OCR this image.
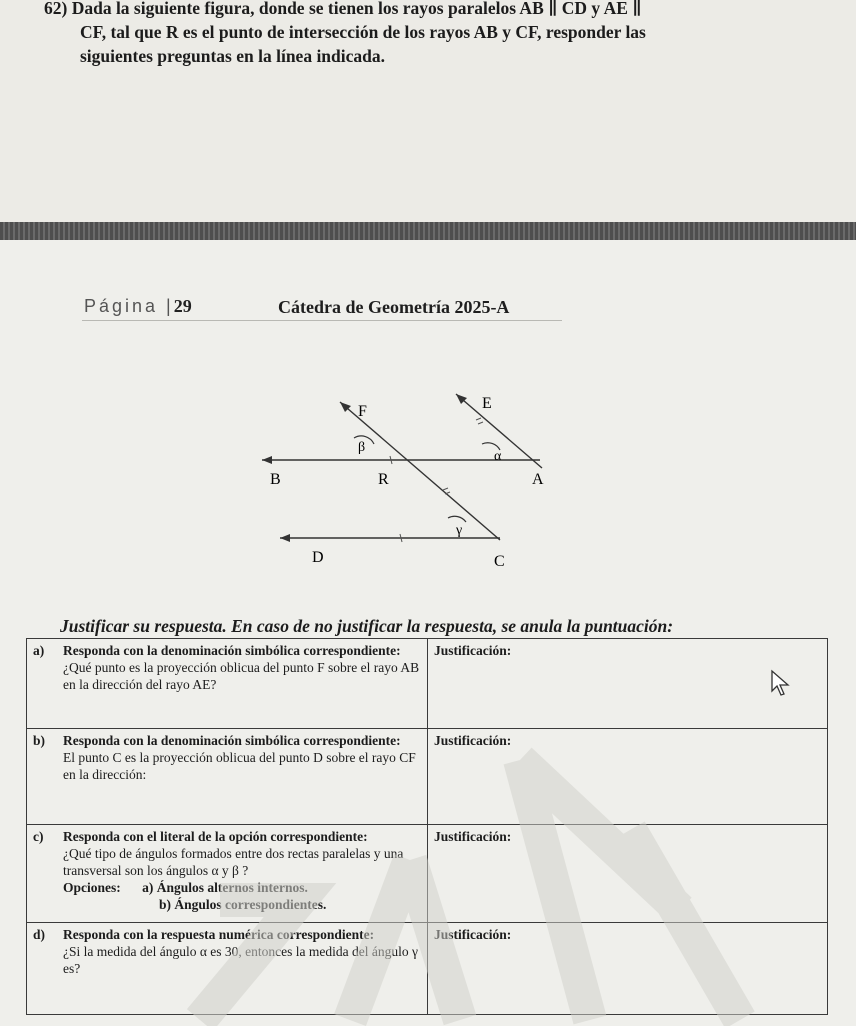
62) Dada la siguiente figura, donde se tienen los rayos paralelos AB ∥ CD y AE ∥
CF, tal que R es el punto de intersección de los rayos AB y CF, responder las
siguientes preguntas en la línea indicada.
Página |29	Cátedra de Geometría 2025-A
F	E
β
α
B	R	A
γ
D	C
Justificar su respuesta. En caso de no justificar la respuesta, se anula la puntuación:
a) Responda con la denominación simbólica correspondiente:
¿Qué punto es la proyección oblicua del punto F sobre el rayo AB en la dirección del rayo AE?	Justificación:

b) Responda con la denominación simbólica correspondiente:
El punto C es la proyección oblicua del punto D sobre el rayo CF en la dirección:	Justificación:

c) Responda con el literal de la opción correspondiente:
¿Qué tipo de ángulos formados entre dos rectas paralelas y una transversal son los ángulos α y β ?
Opciones: a) Ángulos alternos internos.
b) Ángulos correspondientes.	Justificación:

d) Responda con la respuesta numérica correspondiente:
¿Si la medida del ángulo α es 30, entonces la medida del ángulo γ es?	Justificación:
